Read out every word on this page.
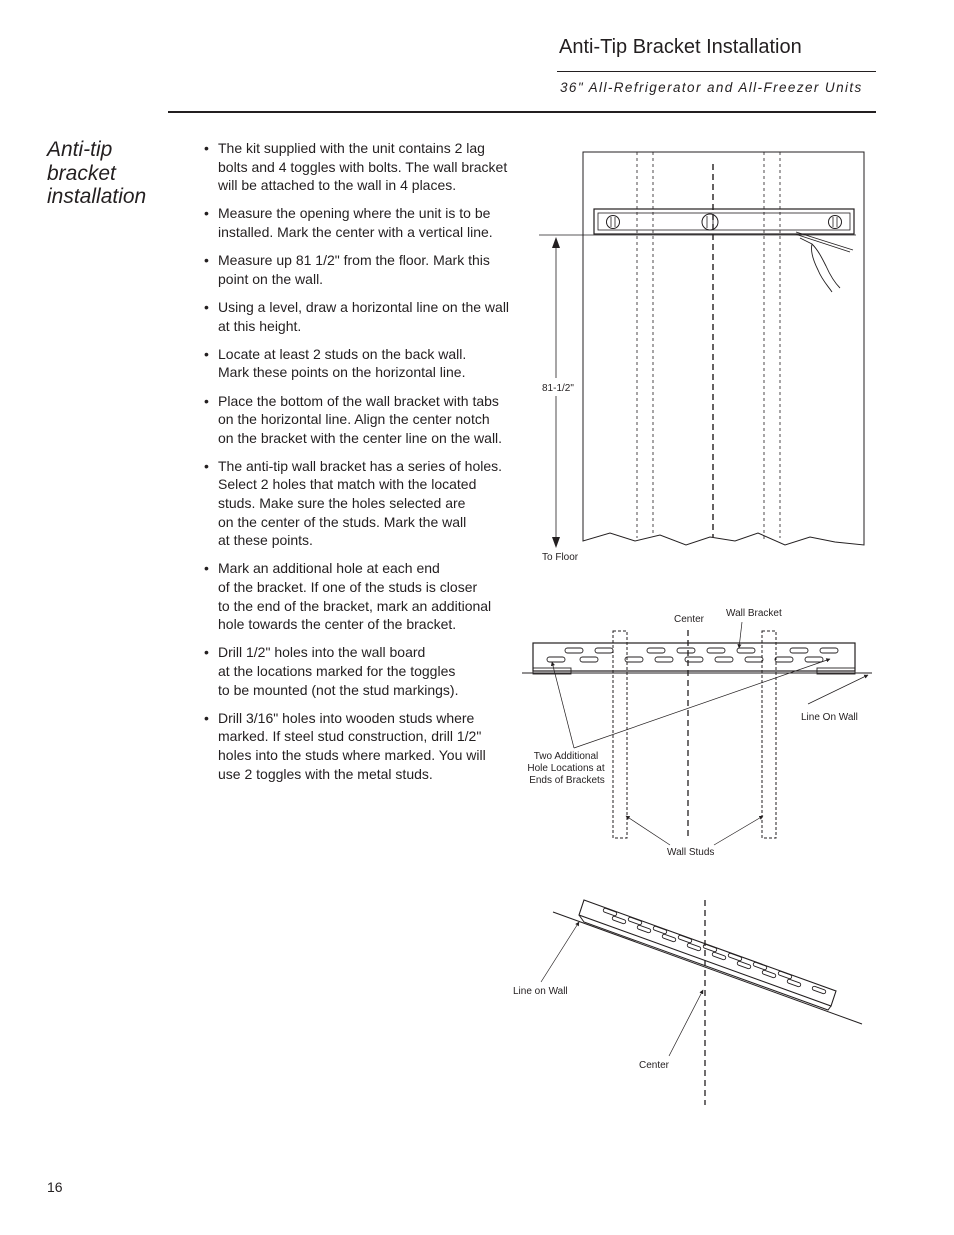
Anti-Tip Bracket Installation
36" All-Refrigerator and All-Freezer Units
Anti-tip bracket installation
• The kit supplied with the unit contains 2 lag
bolts and 4 toggles with bolts. The wall bracket
will be attached to the wall in 4 places.
• Measure the opening where the unit is to be
installed. Mark the center with a vertical line.
• Measure up 81 1/2" from the floor. Mark this
point on the wall.
• Using a level, draw a horizontal line on the wall
at this height.
• Locate at least 2 studs on the back wall.
Mark these points on the horizontal line.
• Place the bottom of the wall bracket with tabs
on the horizontal line. Align the center notch
on the bracket with the center line on the wall.
• The anti-tip wall bracket has a series of holes.
Select 2 holes that match with the located
studs. Make sure the holes selected are
on the center of the studs. Mark the wall
at these points.
• Mark an additional hole at each end
of the bracket. If one of the studs is closer
to the end of the bracket, mark an additional
hole towards the center of the bracket.
• Drill 1/2" holes into the wall board
at the locations marked for the toggles
to be mounted (not the stud markings).
• Drill 3/16" holes into wooden studs where
marked. If steel stud construction, drill 1/2"
holes into the studs where marked. You will
use 2 toggles with the metal studs.
81-1/2"
To Floor
Center
Wall Bracket
Line On Wall
Two Additional
Hole Locations at
Ends of Brackets
Wall Studs
Line on Wall
Center
16
